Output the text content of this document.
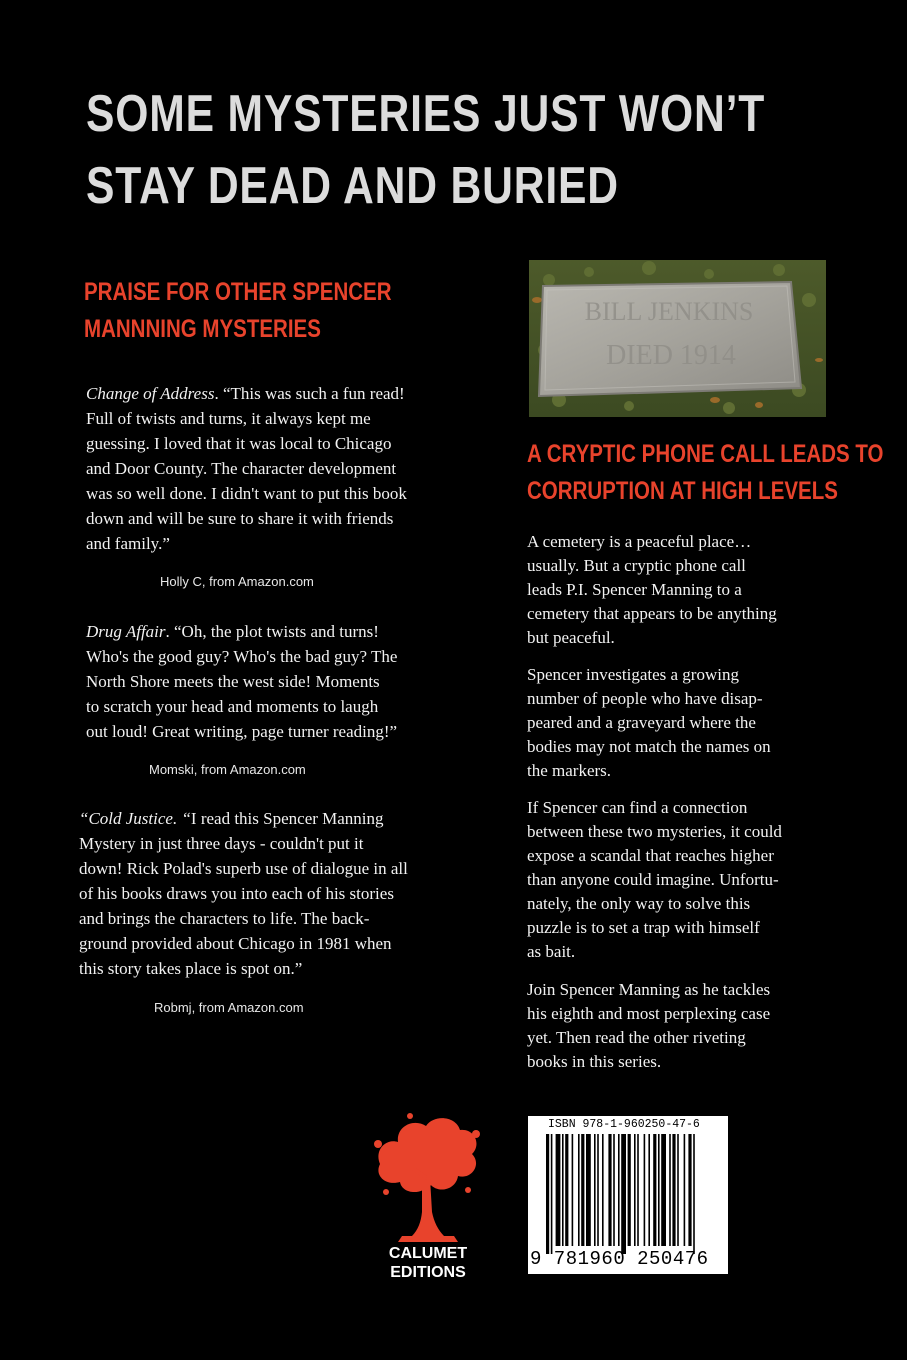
SOME MYSTERIES JUST WON’T
STAY DEAD AND BURIED
PRAISE FOR OTHER SPENCER
MANNNING MYSTERIES
Change of Address. “This was such a fun read!
Full of twists and turns, it always kept me
guessing. I loved that it was local to Chicago
and Door County. The character development
was so well done. I didn't want to put this book
down and will be sure to share it with friends
and family.”
Holly C, from Amazon.com
Drug Affair. “Oh, the plot twists and turns!
Who's the good guy? Who's the bad guy? The
North Shore meets the west side! Moments
to scratch your head and moments to laugh
out loud! Great writing, page turner reading!”
Momski, from Amazon.com
“Cold Justice. “I read this Spencer Manning
Mystery in just three days - couldn't put it
down! Rick Polad's superb use of dialogue in all
of his books draws you into each of his stories
and brings the characters to life. The back-
ground provided about Chicago in 1981 when
this story takes place is spot on.”
Robmj, from Amazon.com
BILL JENKINS
DIED 1914
A CRYPTIC PHONE CALL LEADS TO
CORRUPTION AT HIGH LEVELS
A cemetery is a peaceful place…
usually. But a cryptic phone call
leads P.I. Spencer Manning to a
cemetery that appears to be anything
but peaceful.
Spencer investigates a growing
number of people who have disap-
peared and a graveyard where the
bodies may not match the names on
the markers.
If Spencer can find a connection
between these two mysteries, it could
expose a scandal that reaches higher
than anyone could imagine. Unfortu-
nately, the only way to solve this
puzzle is to set a trap with himself
as bait.
Join Spencer Manning as he tackles
his eighth and most perplexing case
yet. Then read the other riveting
books in this series.
CALUMET
EDITIONS
ISBN 978-1-960250-47-6
9 781960 250476
